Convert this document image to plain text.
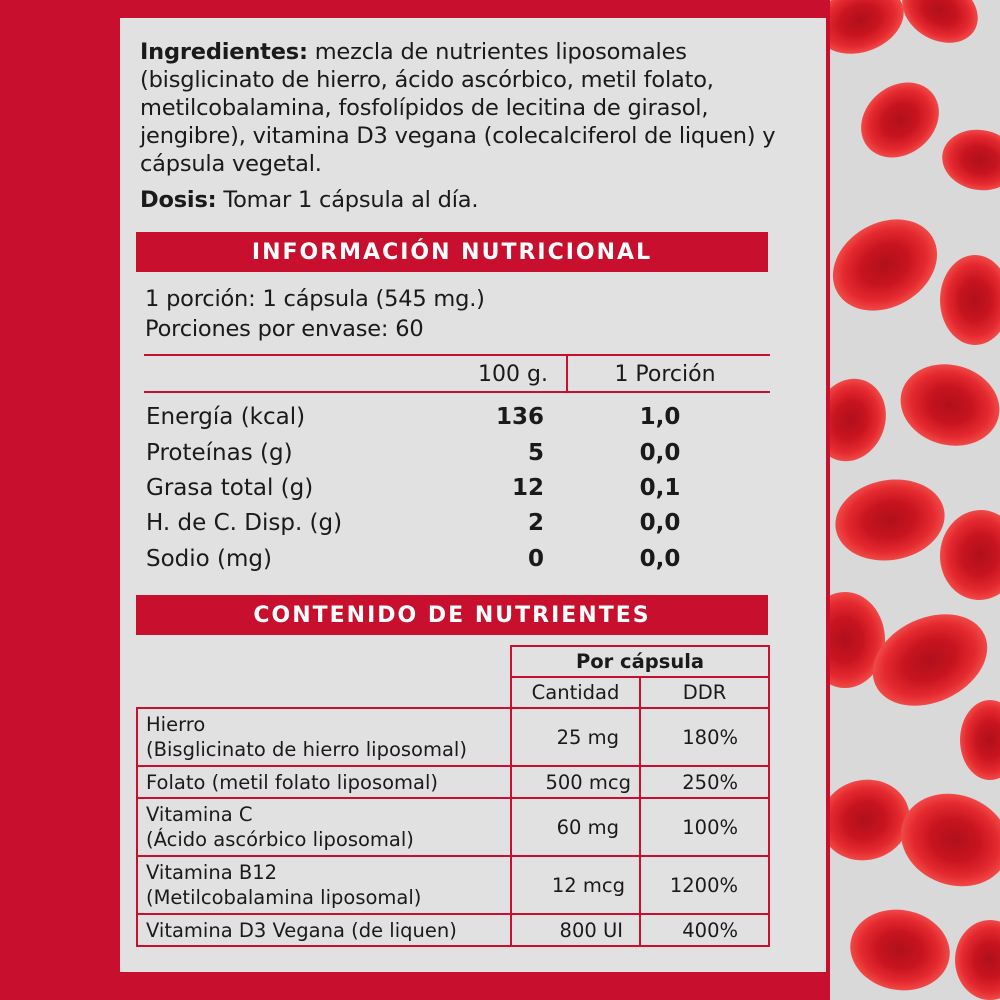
Ingredientes: mezcla de nutrientes liposomales (bisglicinato de hierro, ácido ascórbico, metil folato, metilcobalamina, fosfolípidos de lecitina de girasol, jengibre), vitamina D3 vegana (colecalciferol de liquen) y cápsula vegetal.

Dosis: Tomar 1 cápsula al día.

INFORMACIÓN NUTRICIONAL
1 porción: 1 cápsula (545 mg.)
Porciones por envase: 60
100 g.	1 Porción
Energía (kcal)	136	1,0
Proteínas (g)	5	0,0
Grasa total (g)	12	0,1
H. de C. Disp. (g)	2	0,0
Sodio (mg)	0	0,0
CONTENIDO DE NUTRIENTES
Por cápsula
Cantidad	DDR
Hierro
(Bisglicinato de hierro liposomal)
25 mg	180%
Folato (metil folato liposomal)	500 mcg	250%
Vitamina C
(Ácido ascórbico liposomal)
60 mg	100%
Vitamina B12
(Metilcobalamina liposomal)
12 mcg	1200%
Vitamina D3 Vegana (de liquen)	800 UI	400%
